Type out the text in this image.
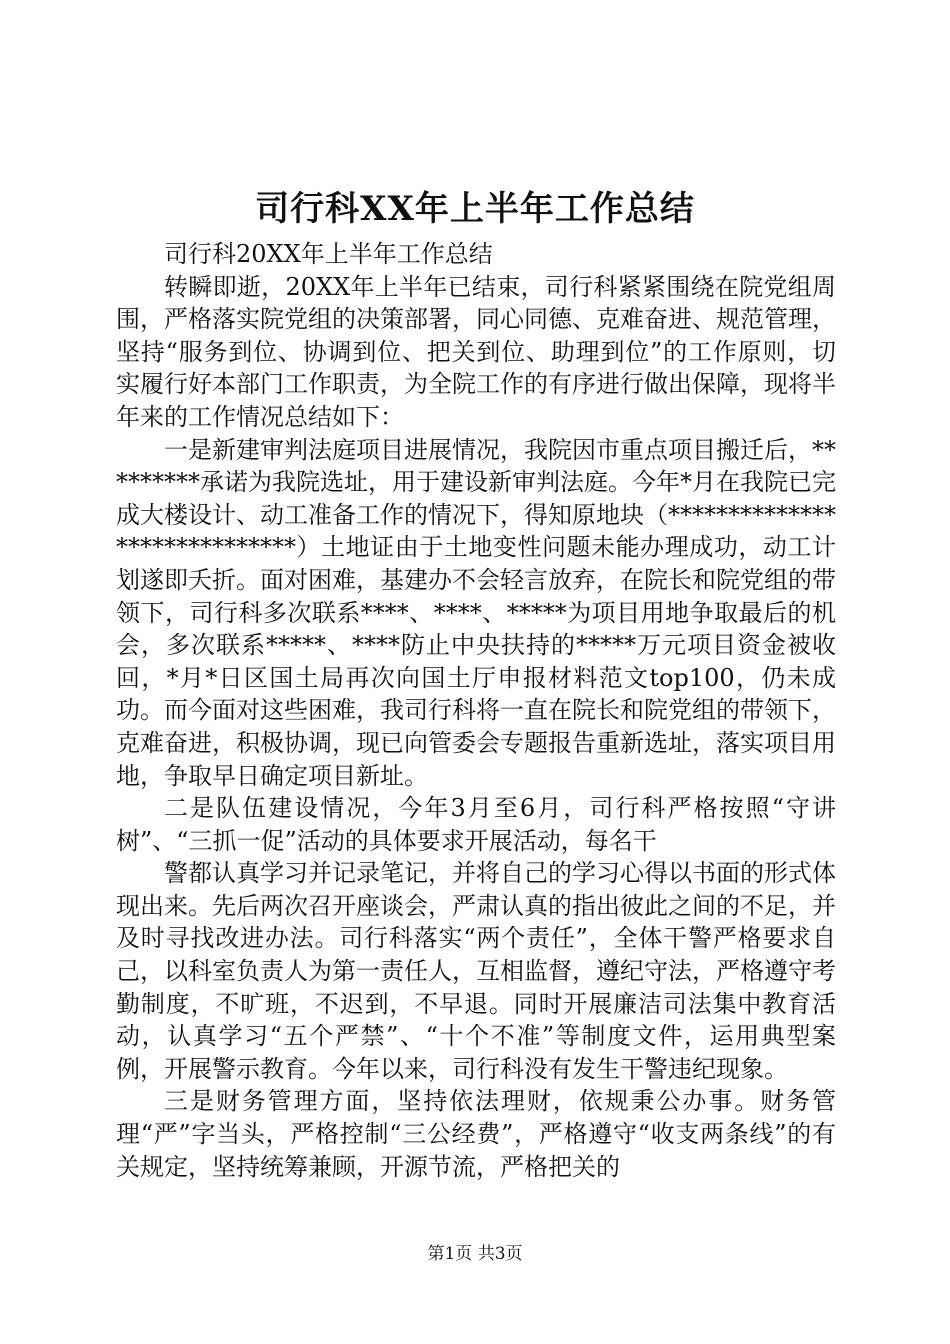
司行科XX年上半年工作总结

司行科20XX年上半年工作总结

转瞬即逝，20XX年上半年已结束，司行科紧紧围绕在院党组周围，严格落实院党组的决策部署，同心同德、克难奋进、规范管理，坚持“服务到位、协调到位、把关到位、助理到位”的工作原则，切实履行好本部门工作职责，为全院工作的有序进行做出保障，现将半年来的工作情况总结如下：

一是新建审判法庭项目进展情况，我院因市重点项目搬迁后，*********承诺为我院选址，用于建设新审判法庭。今年*月在我院已完成大楼设计、动工准备工作的情况下，得知原地块（*****************************）土地证由于土地变性问题未能办理成功，动工计划遂即夭折。面对困难，基建办不会轻言放弃，在院长和院党组的带领下，司行科多次联系****、****、*****为项目用地争取最后的机会，多次联系*****、****防止中央扶持的*****万元项目资金被收回，*月*日区国土局再次向国土厅申报材料范文top100，仍未成功。而今面对这些困难，我司行科将一直在院长和院党组的带领下，克难奋进，积极协调，现已向管委会专题报告重新选址，落实项目用地，争取早日确定项目新址。

二是队伍建设情况，今年3月至6月，司行科严格按照“守讲树”、“三抓一促”活动的具体要求开展活动，每名干

警都认真学习并记录笔记，并将自己的学习心得以书面的形式体现出来。先后两次召开座谈会，严肃认真的指出彼此之间的不足，并及时寻找改进办法。司行科落实“两个责任”，全体干警严格要求自己，以科室负责人为第一责任人，互相监督，遵纪守法，严格遵守考勤制度，不旷班，不迟到，不早退。同时开展廉洁司法集中教育活动，认真学习“五个严禁”、“十个不准”等制度文件，运用典型案例，开展警示教育。今年以来，司行科没有发生干警违纪现象。

三是财务管理方面，坚持依法理财，依规秉公办事。财务管理“严”字当头，严格控制“三公经费”，严格遵守“收支两条线”的有关规定，坚持统筹兼顾，开源节流，严格把关的

第1页 共3页
